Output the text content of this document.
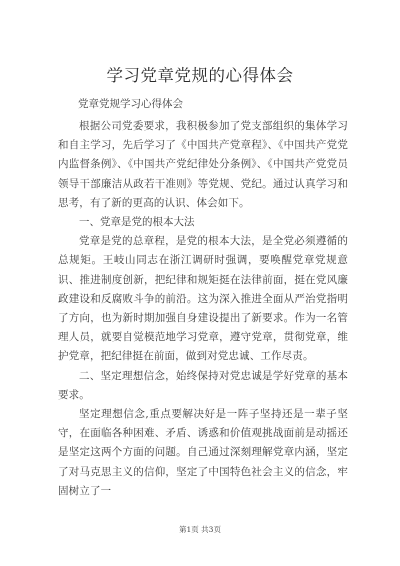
学习党章党规的心得体会
党章党规学习心得体会

根据公司党委要求，我积极参加了党支部组织的集体学习和自主学习，先后学习了《中国共产党章程》、《中国共产党党内监督条例》、《中国共产党纪律处分条例》、《中国共产党党员领导干部廉洁从政若干准则》等党规、党纪。通过认真学习和思考，有了新的更高的认识、体会如下。

一、党章是党的根本大法

党章是党的总章程，是党的根本大法，是全党必须遵循的总规矩。王岐山同志在浙江调研时强调，要唤醒党章党规意识、推进制度创新，把纪律和规矩挺在法律前面，挺在党风廉政建设和反腐败斗争的前沿。这为深入推进全面从严治党指明了方向，也为新时期加强自身建设提出了新要求。作为一名管理人员，就要自觉模范地学习党章，遵守党章，贯彻党章，维护党章，把纪律挺在前面，做到对党忠诚、工作尽责。

二、坚定理想信念，始终保持对党忠诚是学好党章的基本要求。

坚定理想信念,重点要解决好是一阵子坚持还是一辈子坚守，在面临各种困难、矛盾、诱惑和价值观挑战面前是动摇还是坚定这两个方面的问题。自己通过深刻理解党章内涵，坚定了对马克思主义的信仰，坚定了中国特色社会主义的信念，牢固树立了一

第1页 共3页
